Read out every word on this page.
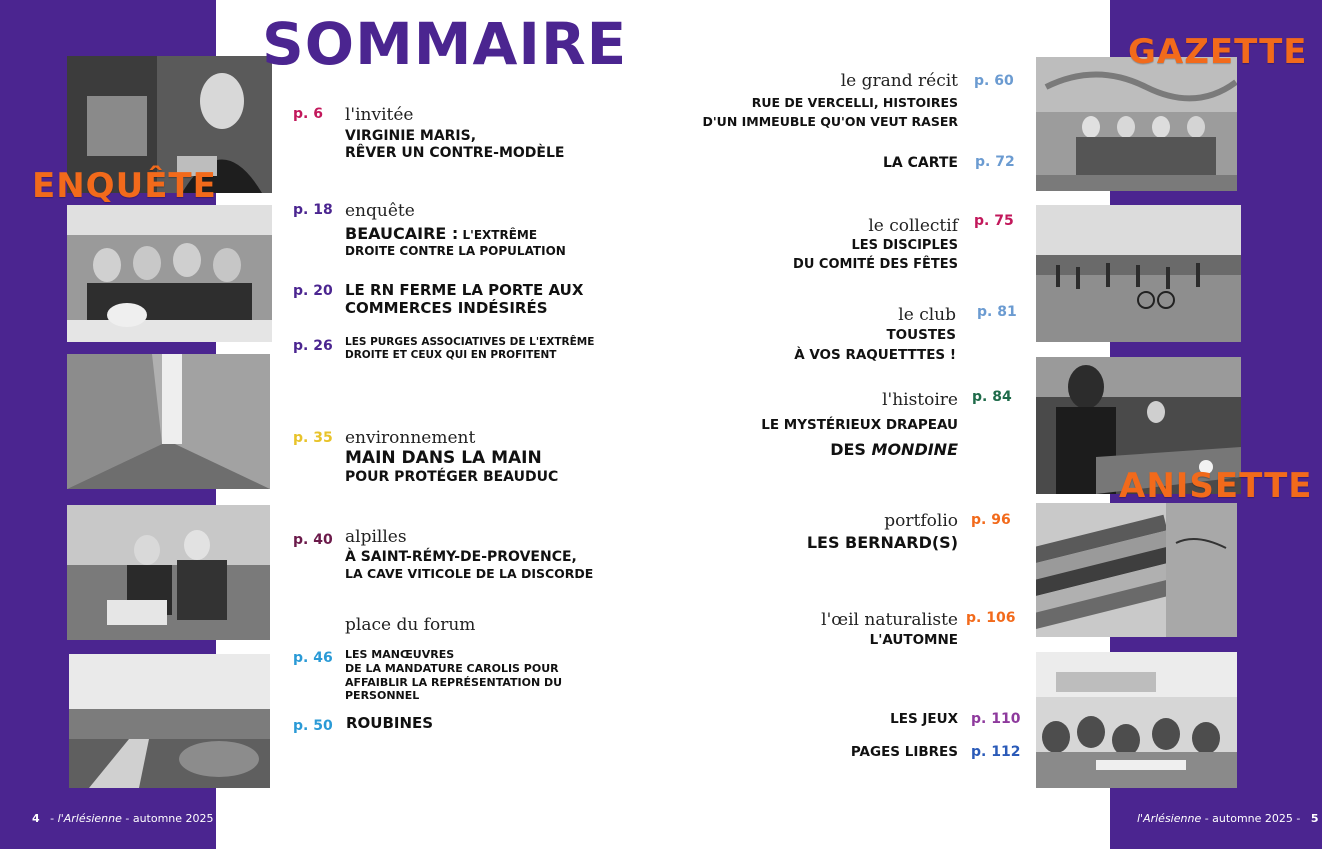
ENQUÊTE
GAZETTE
ANISETTE
SOMMAIRE
p. 6 l'invitée
VIRGINIE MARIS,
RÊVER UN CONTRE-MODÈLE
p. 18 enquête
BEAUCAIRE : L'EXTRÊME
DROITE CONTRE LA POPULATION
p. 20 LE RN FERME LA PORTE AUX
COMMERCES INDÉSIRÉS
p. 26 LES PURGES ASSOCIATIVES DE L'EXTRÊME
DROITE ET CEUX QUI EN PROFITENT
p. 35 environnement
MAIN DANS LA MAIN
POUR PROTÉGER BEAUDUC
p. 40 alpilles
À SAINT-RÉMY-DE-PROVENCE,
LA CAVE VITICOLE DE LA DISCORDE
place du forum
p. 46 LES MANŒUVRES
DE LA MANDATURE CAROLIS POUR
AFFAIBLIR LA REPRÉSENTATION DU
PERSONNEL
p. 50 ROUBINES
le grand récit
RUE DE VERCELLI, HISTOIRES
D'UN IMMEUBLE QU'ON VEUT RASER
p. 60
LA CARTE p. 72
le collectif
LES DISCIPLES
DU COMITÉ DES FÊTES
p. 75
le club
TOUSTES
À VOS RAQUETTTES !
p. 81
l'histoire
LE MYSTÉRIEUX DRAPEAU
DES MONDINE
p. 84
portfolio
LES BERNARD(S)
p. 96
l'œil naturaliste
L'AUTOMNE
p. 106
LES JEUX p. 110
PAGES LIBRES p. 112
4 - l'Arlésienne - automne 2025	l'Arlésienne - automne 2025 - 5
